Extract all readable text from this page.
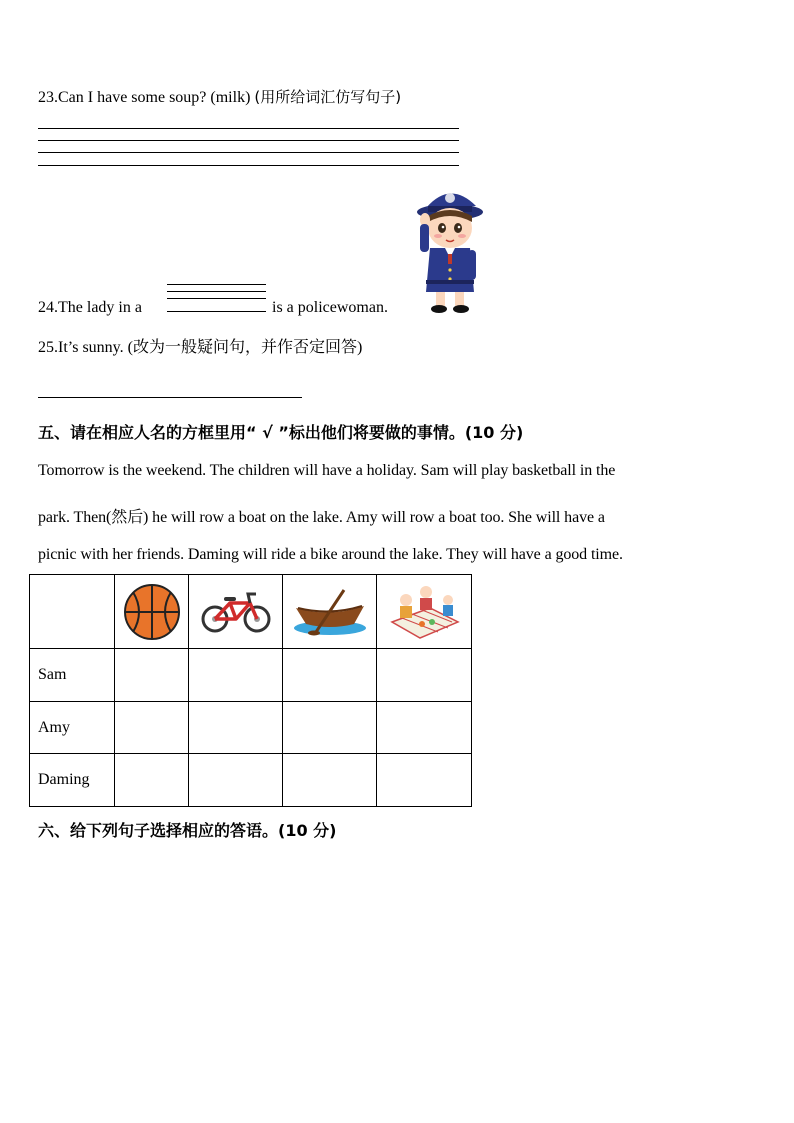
23.Can I have some soup? (milk) (用所给词汇仿写句子)
24.The lady in a	is a policewoman.
25.It’s sunny. (改为一般疑问句，并作否定回答)
五、请在相应人名的方框里用“ √ ”标出他们将要做的事情。(10 分)
Tomorrow is the weekend. The children will have a holiday. Sam will play basketball in the
park. Then(然后) he will row a boat on the lake. Amy will row a boat too. She will have a
picnic with her friends. Daming will ride a bike around the lake. They will have a good time.

Sam				
Amy				
Daming				
六、给下列句子选择相应的答语。(10 分)
